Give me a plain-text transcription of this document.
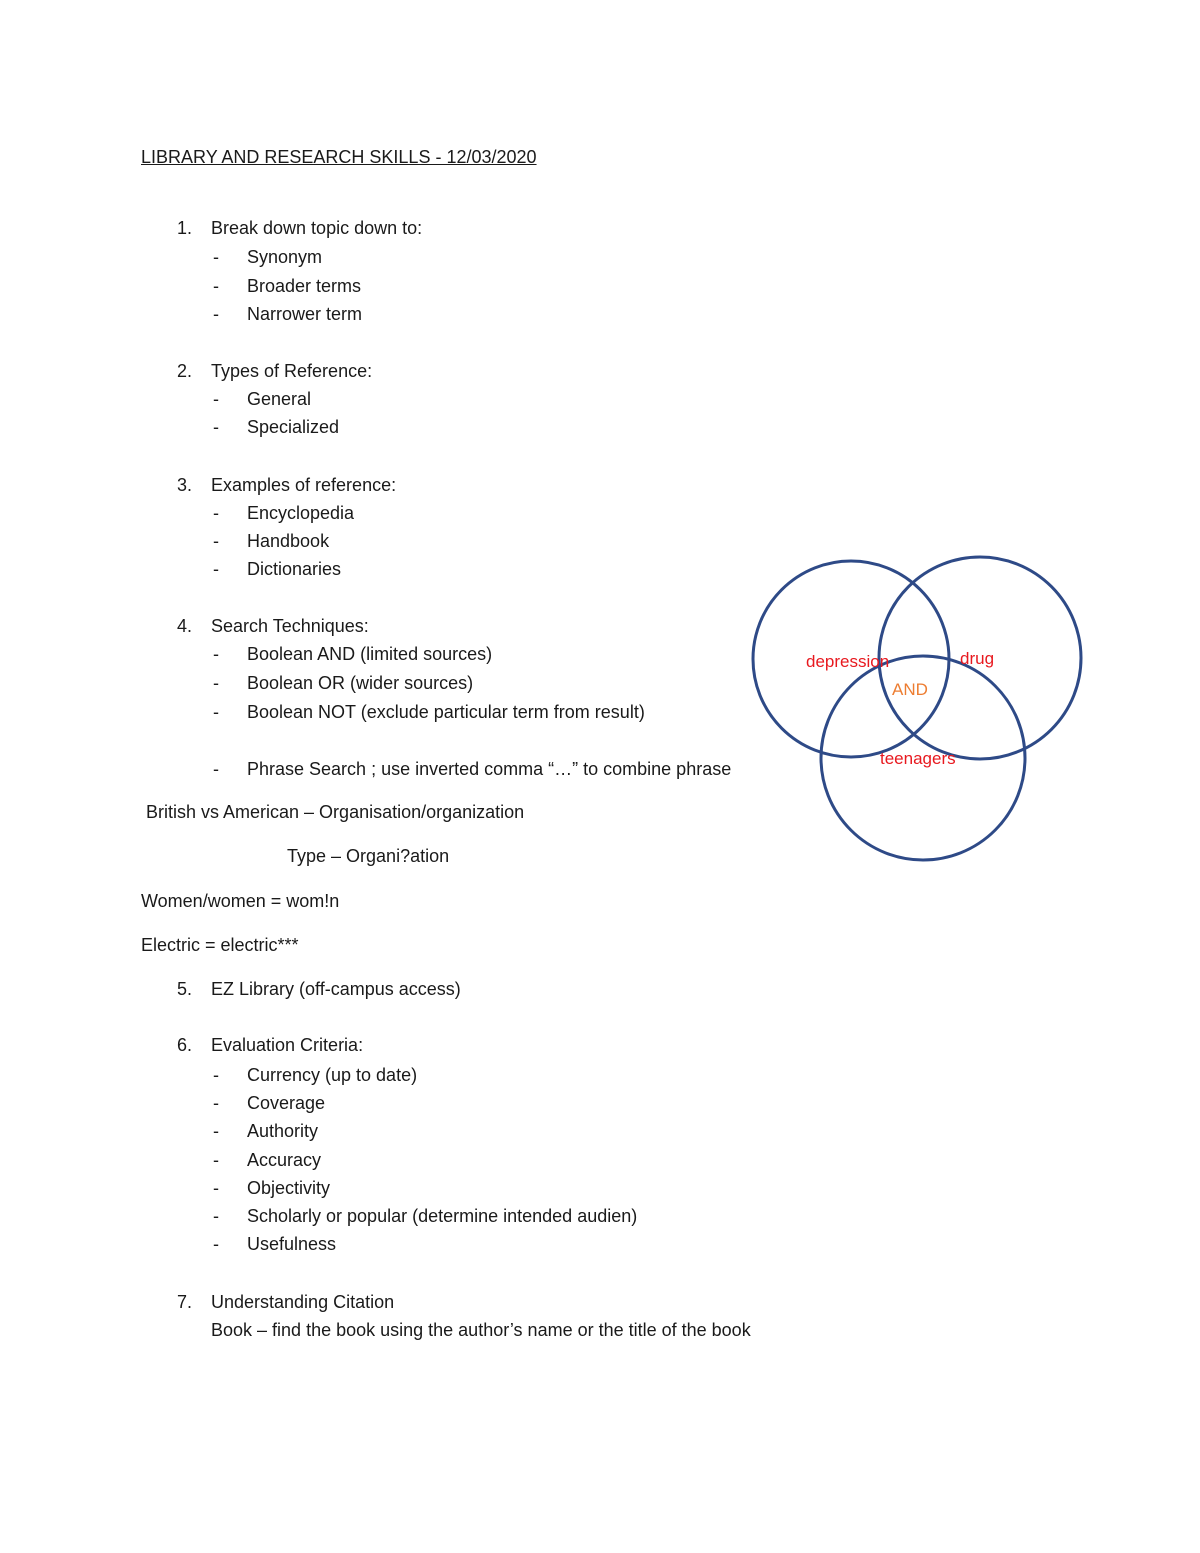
LIBRARY AND RESEARCH SKILLS - 12/03/2020
1. Break down topic down to:
- Synonym
- Broader terms
- Narrower term
2. Types of Reference:
- General
- Specialized
3. Examples of reference:
- Encyclopedia
- Handbook
- Dictionaries
4. Search Techniques:
- Boolean AND (limited sources)
- Boolean OR (wider sources)
- Boolean NOT (exclude particular term from result)
- Phrase Search ; use inverted comma “…” to combine phrase
British vs American – Organisation/organization
Type – Organi?ation
Women/women = wom!n
Electric = electric***
5. EZ Library (off-campus access)
6. Evaluation Criteria:
- Currency (up to date)
- Coverage
- Authority
- Accuracy
- Objectivity
- Scholarly or popular (determine intended audien)
- Usefulness
7. Understanding Citation
Book – find the book using the author’s name or the title of the book
depression	drug
AND
teenagers
